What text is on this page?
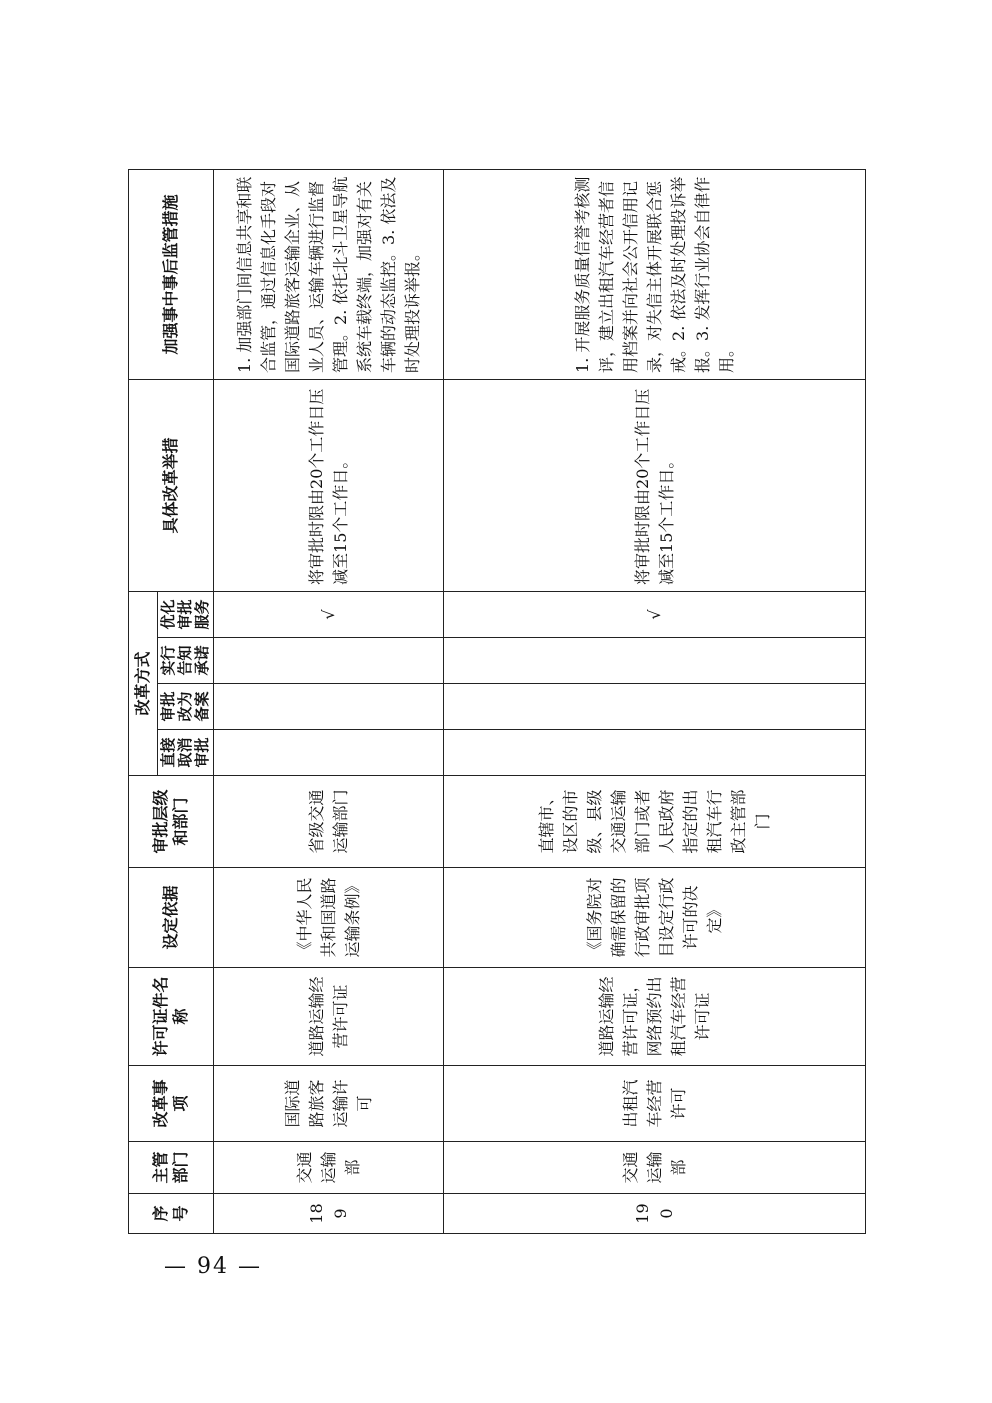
序号	主管部门	改革事项	许可证件名称	设定依据	审批层级和部门	改革方式				具体改革举措	加强事中事后监管措施
						直接取消审批	审批改为备案	实行告知承诺	优化审批服务		
189	交通运输部	国际道路旅客运输许可	道路运输经营许可证	《中华人民共和国道路运输条例》	省级交通运输部门				√	将审批时限由20个工作日压减至15个工作日。	1. 加强部门间信息共享和联合监管，通过信息化手段对国际道路旅客运输企业、从业人员、运输车辆进行监督管理。2. 依托北斗卫星导航系统车载终端，加强对有关车辆的动态监控。3. 依法及时处理投诉举报。
190	交通运输部	出租汽车经营许可	道路运输经营许可证，网络预约出租汽车经营许可证	《国务院对确需保留的行政审批项目设定行政许可的决定》	直辖市、设区的市级、县级交通运输部门或者人民政府指定的出租汽车行政主管部门				√	将审批时限由20个工作日压减至15个工作日。	1. 开展服务质量信誉考核测评，建立出租汽车经营者信用档案并向社会公开信用记录，对失信主体开展联合惩戒。2. 依法及时处理投诉举报。3. 发挥行业协会自律作用。
— 94 —
